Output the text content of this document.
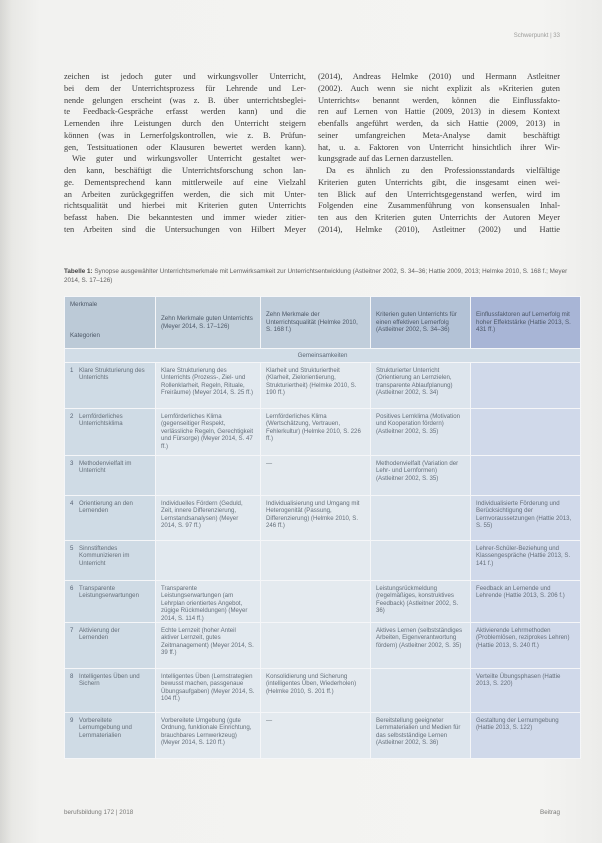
Schwerpunkt | 33
zeichen ist jedoch guter und wirkungsvoller Unterricht,
bei dem der Unterrichtsprozess für Lehrende und Ler-
nende gelungen erscheint (was z. B. über unterrichtsbeglei-
te Feedback-Gespräche erfasst werden kann) und die
Lernenden ihre Leistungen durch den Unterricht steigern
können (was in Lernerfolgskontrollen, wie z. B. Prüfun-
gen, Testsituationen oder Klausuren bewertet werden kann).
Wie guter und wirkungsvoller Unterricht gestaltet wer-
den kann, beschäftigt die Unterrichtsforschung schon lan-
ge. Dementsprechend kann mittlerweile auf eine Vielzahl
an Arbeiten zurückgegriffen werden, die sich mit Unter-
richtsqualität und hierbei mit Kriterien guten Unterrichts
befasst haben. Die bekanntesten und immer wieder zitier-
ten Arbeiten sind die Untersuchungen von Hilbert Meyer
(2014), Andreas Helmke (2010) und Hermann Astleitner
(2002). Auch wenn sie nicht explizit als »Kriterien guten
Unterrichts« benannt werden, können die Einflussfakto-
ren auf Lernen von Hattie (2009, 2013) in diesem Kontext
ebenfalls angeführt werden, da sich Hattie (2009, 2013) in
seiner umfangreichen Meta-Analyse damit beschäftigt
hat, u. a. Faktoren von Unterricht hinsichtlich ihrer Wir-
kungsgrade auf das Lernen darzustellen.
Da es ähnlich zu den Professionsstandards vielfältige
Kriterien guten Unterrichts gibt, die insgesamt einen wei-
ten Blick auf den Unterrichtsgegenstand werfen, wird im
Folgenden eine Zusammenführung von konsensualen Inhal-
ten aus den Kriterien guten Unterrichts der Autoren Meyer
(2014), Helmke (2010), Astleitner (2002) und Hattie
Tabelle 1: Synopse ausgewählter Unterrichtsmerkmale mit Lernwirksamkeit zur Unterrichtsentwicklung (Astleitner 2002, S. 34–36; Hattie 2009, 2013; Helmke 2010, S. 168 f.; Meyer 2014, S. 17–126)
Merkmale
Kategorien	Zehn Merkmale guten Unterrichts (Meyer 2014, S. 17–126)	Zehn Merkmale der Unterrichtsqualität (Helmke 2010, S. 168 f.)	Kriterien guten Unterrichts für einen effektiven Lernerfolg (Astleitner 2002, S. 34–36)	Einflussfaktoren auf Lernerfolg mit hoher Effektstärke (Hattie 2013, S. 431 ff.)

Gemeinsamkeiten				

1 Klare Strukturierung des Unterrichts	Klare Strukturierung des Unterrichts (Prozess-, Ziel- und Rollenklarheit, Regeln, Rituale, Freiräume) (Meyer 2014, S. 25 ff.)	Klarheit und Strukturiertheit (Klarheit, Zielorientierung, Strukturiertheit) (Helmke 2010, S. 190 ff.)	Strukturierter Unterricht (Orientierung an Lernzielen, transparente Ablaufplanung) (Astleitner 2002, S. 34)	

2 Lernförderliches Unterrichtsklima	Lernförderliches Klima (gegenseitiger Respekt, verlässliche Regeln, Gerechtigkeit und Fürsorge) (Meyer 2014, S. 47 ff.)	Lernförderliches Klima (Wertschätzung, Vertrauen, Fehlerkultur) (Helmke 2010, S. 226 ff.)	Positives Lernklima (Motivation und Kooperation fördern) (Astleitner 2002, S. 35)	

3 Methodenvielfalt im Unterricht		—	Methodenvielfalt (Variation der Lehr- und Lernformen) (Astleitner 2002, S. 35)	

4 Orientierung an den Lernenden	Individuelles Fördern (Geduld, Zeit, innere Differenzierung, Lernstandsanalysen) (Meyer 2014, S. 97 ff.)	Individualisierung und Umgang mit Heterogenität (Passung, Differenzierung) (Helmke 2010, S. 246 ff.)		Individualisierte Förderung und Berücksichtigung der Lernvoraussetzungen (Hattie 2013, S. 55)

5 Sinnstiftendes Kommunizieren im Unterricht				Lehrer-Schüler-Beziehung und Klassengespräche (Hattie 2013, S. 141 f.)

6 Transparente Leistungserwartungen	Transparente Leistungserwartungen (am Lehrplan orientiertes Angebot, zügige Rückmeldungen) (Meyer 2014, S. 114 ff.)		Leistungsrückmeldung (regelmäßiges, konstruktives Feedback) (Astleitner 2002, S. 36)	Feedback an Lernende und Lehrende (Hattie 2013, S. 206 f.)

7 Aktivierung der Lernenden	Echte Lernzeit (hoher Anteil aktiver Lernzeit, gutes Zeitmanagement) (Meyer 2014, S. 39 ff.)		Aktives Lernen (selbstständiges Arbeiten, Eigenverantwortung fördern) (Astleitner 2002, S. 35)	Aktivierende Lehrmethoden (Problemlösen, reziprokes Lehren) (Hattie 2013, S. 240 ff.)

8 Intelligentes Üben und Sichern	Intelligentes Üben (Lernstrategien bewusst machen, passgenaue Übungsaufgaben) (Meyer 2014, S. 104 ff.)	Konsolidierung und Sicherung (intelligentes Üben, Wiederholen) (Helmke 2010, S. 201 ff.)		Verteilte Übungsphasen (Hattie 2013, S. 220)

9 Vorbereitete Lernumgebung und Lernmaterialien	Vorbereitete Umgebung (gute Ordnung, funktionale Einrichtung, brauchbares Lernwerkzeug) (Meyer 2014, S. 120 ff.)	—	Bereitstellung geeigneter Lernmaterialien und Medien für das selbstständige Lernen (Astleitner 2002, S. 36)	Gestaltung der Lernumgebung (Hattie 2013, S. 122)
berufsbildung 172 | 2018	Beitrag
